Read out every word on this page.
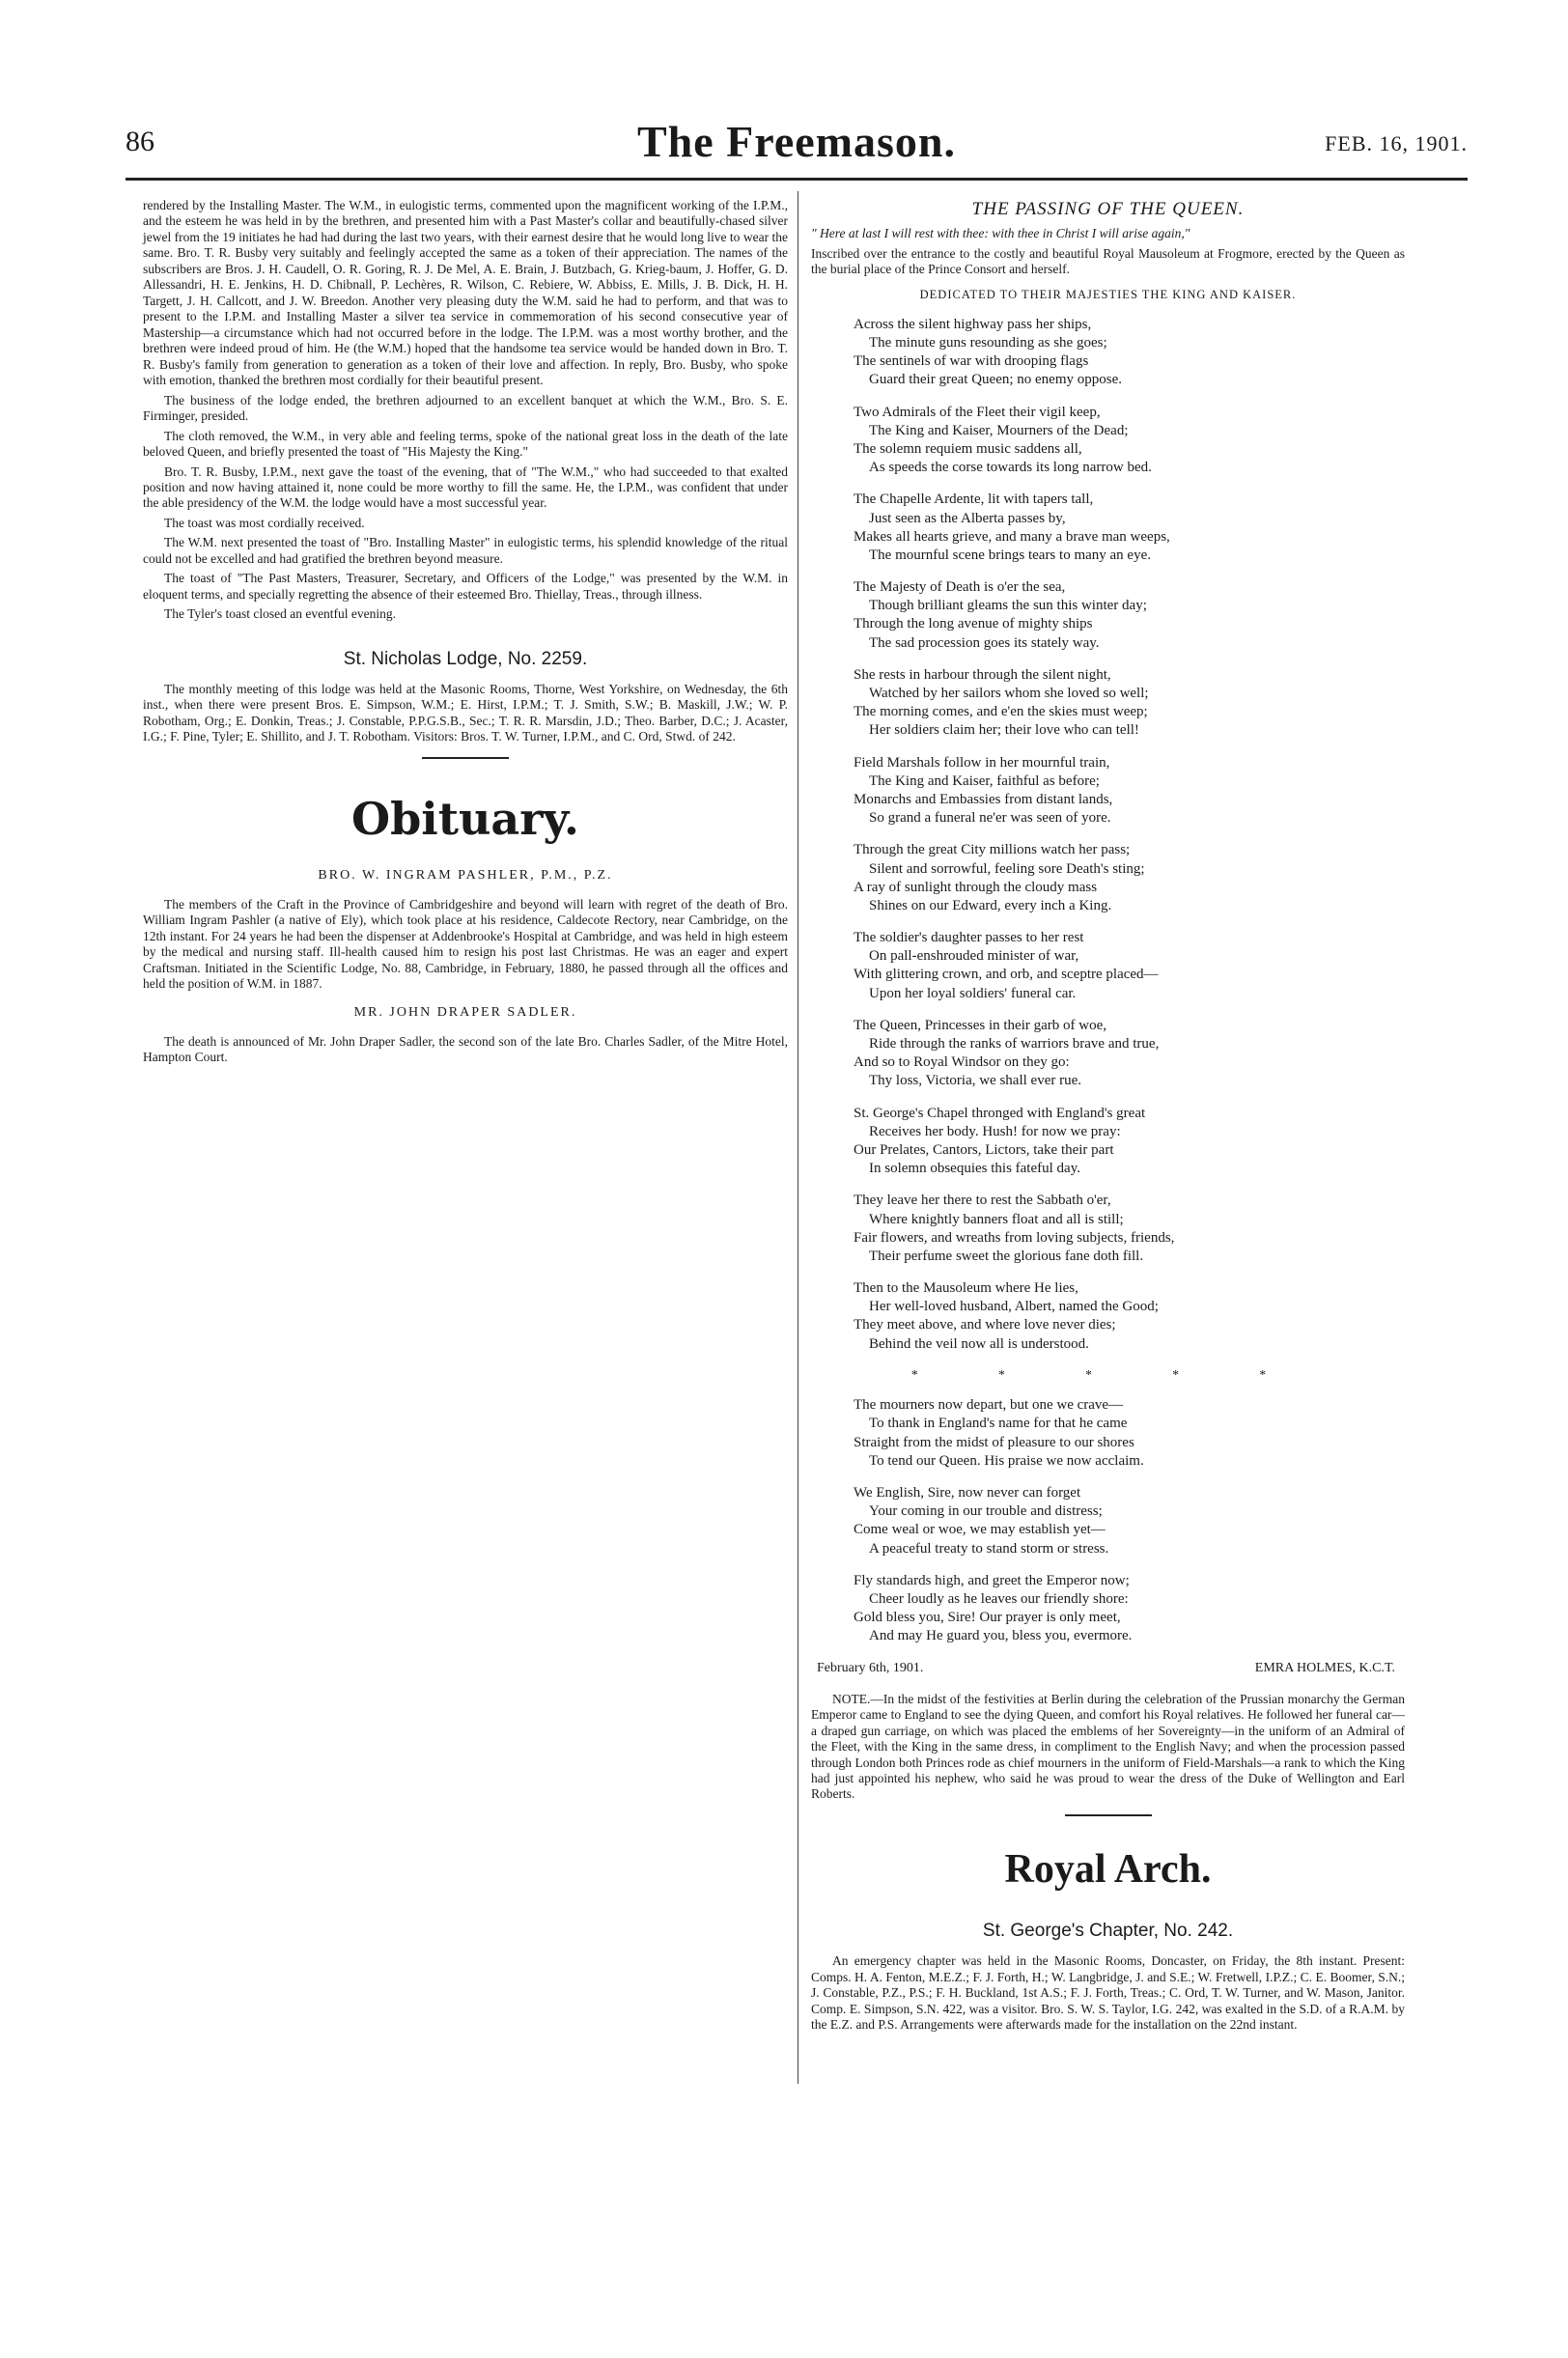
86	The Freemason.	FEB. 16, 1901.

rendered by the Installing Master. The W.M., in eulogistic terms, commented upon the magnificent working of the I.P.M., and the esteem he was held in by the brethren, and presented him with a Past Master's collar and beautifully-chased silver jewel from the 19 initiates he had had during the last two years, with their earnest desire that he would long live to wear the same. Bro. T. R. Busby very suitably and feelingly accepted the same as a token of their appreciation. The names of the subscribers are Bros. J. H. Caudell, O. R. Goring, R. J. De Mel, A. E. Brain, J. Butzbach, G. Krieg-baum, J. Hoffer, G. D. Allessandri, H. E. Jenkins, H. D. Chibnall, P. Lechères, R. Wilson, C. Rebiere, W. Abbiss, E. Mills, J. B. Dick, H. H. Targett, J. H. Callcott, and J. W. Breedon. Another very pleasing duty the W.M. said he had to perform, and that was to present to the I.P.M. and Installing Master a silver tea service in commemoration of his second consecutive year of Mastership—a circumstance which had not occurred before in the lodge. The I.P.M. was a most worthy brother, and the brethren were indeed proud of him. He (the W.M.) hoped that the handsome tea service would be handed down in Bro. T. R. Busby's family from generation to generation as a token of their love and affection. In reply, Bro. Busby, who spoke with emotion, thanked the brethren most cordially for their beautiful present.

The business of the lodge ended, the brethren adjourned to an excellent banquet at which the W.M., Bro. S. E. Firminger, presided.

The cloth removed, the W.M., in very able and feeling terms, spoke of the national great loss in the death of the late beloved Queen, and briefly presented the toast of "His Majesty the King."

Bro. T. R. Busby, I.P.M., next gave the toast of the evening, that of "The W.M.," who had succeeded to that exalted position and now having attained it, none could be more worthy to fill the same. He, the I.P.M., was confident that under the able presidency of the W.M. the lodge would have a most successful year.

The toast was most cordially received.

The W.M. next presented the toast of "Bro. Installing Master" in eulogistic terms, his splendid knowledge of the ritual could not be excelled and had gratified the brethren beyond measure.

The toast of "The Past Masters, Treasurer, Secretary, and Officers of the Lodge," was presented by the W.M. in eloquent terms, and specially regretting the absence of their esteemed Bro. Thiellay, Treas., through illness.

The Tyler's toast closed an eventful evening.

St. Nicholas Lodge, No. 2259.

The monthly meeting of this lodge was held at the Masonic Rooms, Thorne, West Yorkshire, on Wednesday, the 6th inst., when there were present Bros. E. Simpson, W.M.; E. Hirst, I.P.M.; T. J. Smith, S.W.; B. Maskill, J.W.; W. P. Robotham, Org.; E. Donkin, Treas.; J. Constable, P.P.G.S.B., Sec.; T. R. R. Marsdin, J.D.; Theo. Barber, D.C.; J. Acaster, I.G.; F. Pine, Tyler; E. Shillito, and J. T. Robotham. Visitors: Bros. T. W. Turner, I.P.M., and C. Ord, Stwd. of 242.

Obituary.
BRO. W. INGRAM PASHLER, P.M., P.Z.

The members of the Craft in the Province of Cambridgeshire and beyond will learn with regret of the death of Bro. William Ingram Pashler (a native of Ely), which took place at his residence, Caldecote Rectory, near Cambridge, on the 12th instant. For 24 years he had been the dispenser at Addenbrooke's Hospital at Cambridge, and was held in high esteem by the medical and nursing staff. Ill-health caused him to resign his post last Christmas. He was an eager and expert Craftsman. Initiated in the Scientific Lodge, No. 88, Cambridge, in February, 1880, he passed through all the offices and held the position of W.M. in 1887.

MR. JOHN DRAPER SADLER.

The death is announced of Mr. John Draper Sadler, the second son of the late Bro. Charles Sadler, of the Mitre Hotel, Hampton Court.

THE PASSING OF THE QUEEN.

" Here at last I will rest with thee: with thee in Christ I will arise again,"

Inscribed over the entrance to the costly and beautiful Royal Mausoleum at Frogmore, erected by the Queen as the burial place of the Prince Consort and herself.

DEDICATED TO THEIR MAJESTIES THE KING AND KAISER.
Across the silent highway pass her ships,
The minute guns resounding as she goes;
The sentinels of war with drooping flags
Guard their great Queen; no enemy oppose.
Two Admirals of the Fleet their vigil keep,
The King and Kaiser, Mourners of the Dead;
The solemn requiem music saddens all,
As speeds the corse towards its long narrow bed.
The Chapelle Ardente, lit with tapers tall,
Just seen as the Alberta passes by,
Makes all hearts grieve, and many a brave man weeps,
The mournful scene brings tears to many an eye.
The Majesty of Death is o'er the sea,
Though brilliant gleams the sun this winter day;
Through the long avenue of mighty ships
The sad procession goes its stately way.
She rests in harbour through the silent night,
Watched by her sailors whom she loved so well;
The morning comes, and e'en the skies must weep;
Her soldiers claim her; their love who can tell!
Field Marshals follow in her mournful train,
The King and Kaiser, faithful as before;
Monarchs and Embassies from distant lands,
So grand a funeral ne'er was seen of yore.
Through the great City millions watch her pass;
Silent and sorrowful, feeling sore Death's sting;
A ray of sunlight through the cloudy mass
Shines on our Edward, every inch a King.
The soldier's daughter passes to her rest
On pall-enshrouded minister of war,
With glittering crown, and orb, and sceptre placed—
Upon her loyal soldiers' funeral car.
The Queen, Princesses in their garb of woe,
Ride through the ranks of warriors brave and true,
And so to Royal Windsor on they go:
Thy loss, Victoria, we shall ever rue.
St. George's Chapel thronged with England's great
Receives her body. Hush! for now we pray:
Our Prelates, Cantors, Lictors, take their part
In solemn obsequies this fateful day.
They leave her there to rest the Sabbath o'er,
Where knightly banners float and all is still;
Fair flowers, and wreaths from loving subjects, friends,
Their perfume sweet the glorious fane doth fill.
Then to the Mausoleum where He lies,
Her well-loved husband, Albert, named the Good;
They meet above, and where love never dies;
Behind the veil now all is understood.
* * * * *
The mourners now depart, but one we crave—
To thank in England's name for that he came
Straight from the midst of pleasure to our shores
To tend our Queen. His praise we now acclaim.
We English, Sire, now never can forget
Your coming in our trouble and distress;
Come weal or woe, we may establish yet—
A peaceful treaty to stand storm or stress.
Fly standards high, and greet the Emperor now;
Cheer loudly as he leaves our friendly shore:
Gold bless you, Sire! Our prayer is only meet,
And may He guard you, bless you, evermore.
February 6th, 1901.	EMRA HOLMES, K.C.T.

NOTE.—In the midst of the festivities at Berlin during the celebration of the Prussian monarchy the German Emperor came to England to see the dying Queen, and comfort his Royal relatives. He followed her funeral car—a draped gun carriage, on which was placed the emblems of her Sovereignty—in the uniform of an Admiral of the Fleet, with the King in the same dress, in compliment to the English Navy; and when the procession passed through London both Princes rode as chief mourners in the uniform of Field-Marshals—a rank to which the King had just appointed his nephew, who said he was proud to wear the dress of the Duke of Wellington and Earl Roberts.

Royal Arch.
St. George's Chapter, No. 242.

An emergency chapter was held in the Masonic Rooms, Doncaster, on Friday, the 8th instant. Present: Comps. H. A. Fenton, M.E.Z.; F. J. Forth, H.; W. Langbridge, J. and S.E.; W. Fretwell, I.P.Z.; C. E. Boomer, S.N.; J. Constable, P.Z., P.S.; F. H. Buckland, 1st A.S.; F. J. Forth, Treas.; C. Ord, T. W. Turner, and W. Mason, Janitor. Comp. E. Simpson, S.N. 422, was a visitor. Bro. S. W. S. Taylor, I.G. 242, was exalted in the S.D. of a R.A.M. by the E.Z. and P.S. Arrangements were afterwards made for the installation on the 22nd instant.
